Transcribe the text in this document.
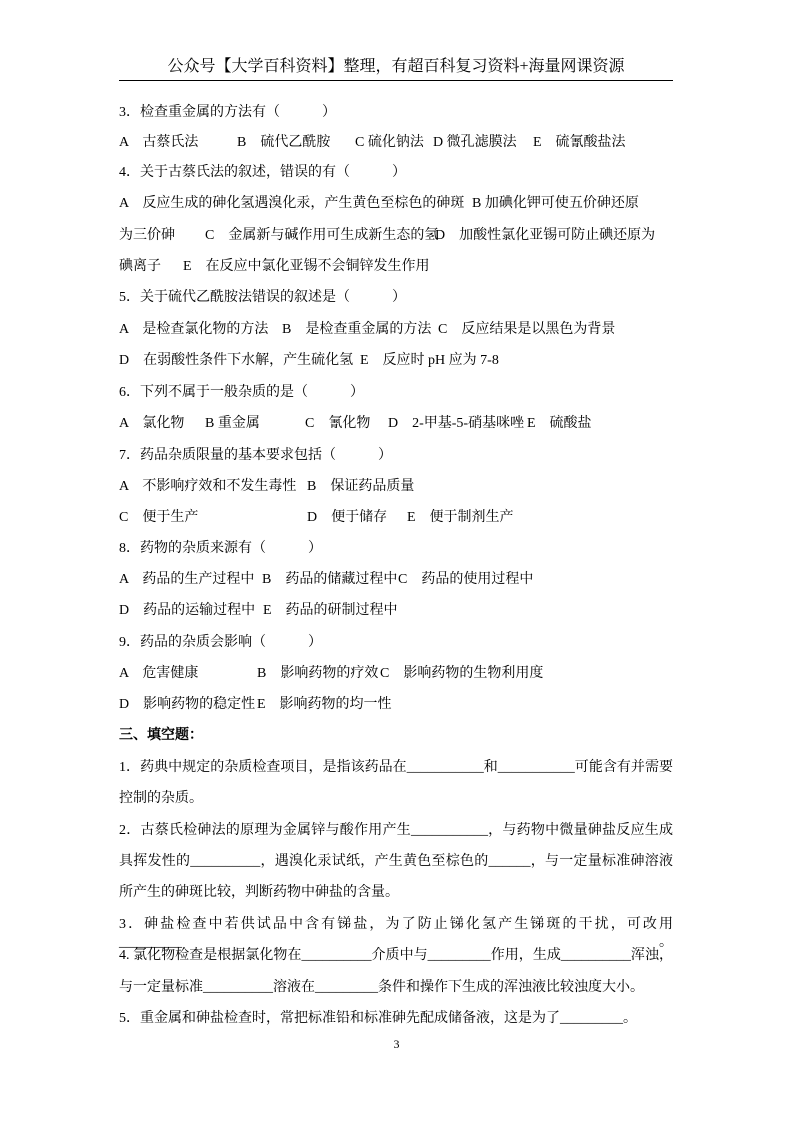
公众号【大学百科资料】整理，有超百科复习资料+海量网课资源
3．检查重金属的方法有（　　　）
A　古蔡氏法	B　硫代乙酰胺 C 硫化钠法 D 微孔滤膜法 E　硫氰酸盐法
4．关于古蔡氏法的叙述，错误的有（　　　）
A　反应生成的砷化氢遇溴化汞，产生黄色至棕色的砷斑 B 加碘化钾可使五价砷还原
为三价砷 C　金属新与碱作用可生成新生态的氢
D　加酸性氯化亚锡可防止碘还原为
碘离子 E　在反应中氯化亚锡不会铜锌发生作用
5．关于硫代乙酰胺法错误的叙述是（　　　）
A　是检查氯化物的方法 B　是检查重金属的方法 C　反应结果是以黑色为背景
D　在弱酸性条件下水解，产生硫化氢 E　反应时 pH 应为 7-8
6．下列不属于一般杂质的是（　　　）
A　氯化物 B 重金属	C　氰化物 D　2-甲基-5-硝基咪唑 E　硫酸盐
7．药品杂质限量的基本要求包括（　　　）
A　不影响疗效和不发生毒性 B　保证药品质量
C　便于生产	D　便于储存 E　便于制剂生产
8．药物的杂质来源有（　　　）
A　药品的生产过程中 B　药品的储藏过程中 C　药品的使用过程中
D　药品的运输过程中 E　药品的研制过程中
9．药品的杂质会影响（　　　）
A　危害健康	B　影响药物的疗效 C　影响药物的生物利用度
D　影响药物的稳定性 E　影响药物的均一性
三、填空题：
1．药典中规定的杂质检查项目，是指该药品在___________和___________可能含有并需要
控制的杂质。
2．古蔡氏检砷法的原理为金属锌与酸作用产生___________，与药物中微量砷盐反应生成
具挥发性的__________，遇溴化汞试纸，产生黄色至棕色的______，与一定量标准砷溶液
所产生的砷斑比较，判断药物中砷盐的含量。
3．砷盐检查中若供试品中含有锑盐，为了防止锑化氢产生锑斑的干扰，可改用_________。
4. 氯化物检查是根据氯化物在__________介质中与_________作用，生成__________浑浊，
与一定量标准__________溶液在_________条件和操作下生成的浑浊液比较浊度大小。
5．重金属和砷盐检查时，常把标准铅和标准砷先配成储备液，这是为了_________。
3
